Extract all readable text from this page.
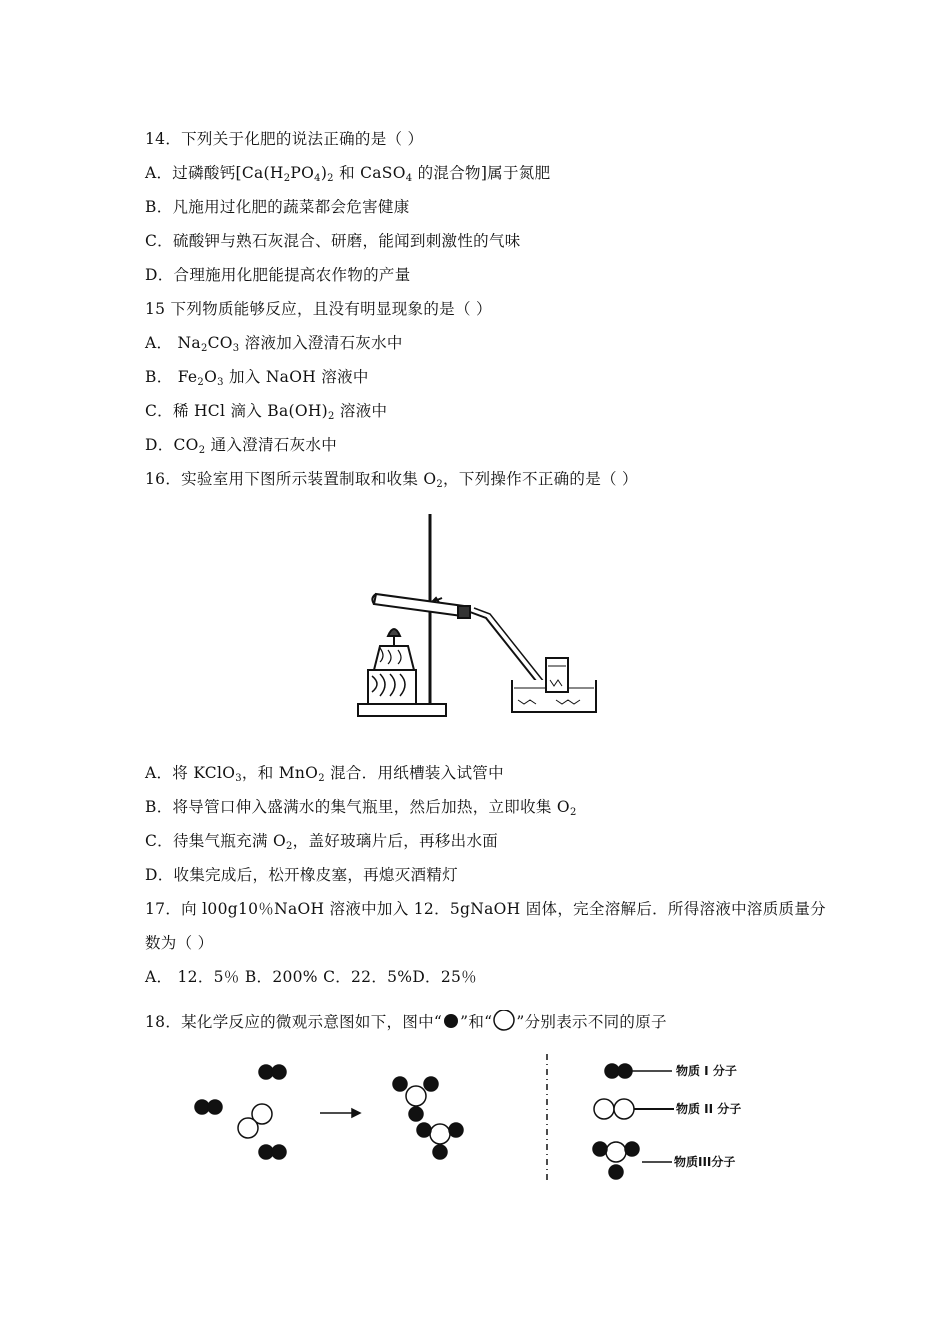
14．下列关于化肥的说法正确的是（ ）
A．过磷酸钙[$Ca(H_2PO_4)_2$ 和 CaSO$_4$ 的混合物]属于氮肥
B．凡施用过化肥的蔬菜都会危害健康
C．硫酸钾与熟石灰混合、研磨，能闻到刺激性的气味
D．合理施用化肥能提高农作物的产量
15 下列物质能够反应，且没有明显现象的是（ ）
A． $Na_2CO_3$ 溶液加入澄清石灰水中
B． $Fe_2O_3$ 加入 NaOH 溶液中
C．稀 HCl 滴入 $Ba(OH)_2$ 溶液中
D．$CO_2$ 通入澄清石灰水中
16．实验室用下图所示装置制取和收集 $O_2$，下列操作不正确的是（ ）
A．将 KClO$_3$，和 MnO$_2$ 混合．用纸槽装入试管中
B．将导管口伸入盛满水的集气瓶里，然后加热，立即收集 $O_2$
C．待集气瓶充满 $O_2$，盖好玻璃片后，再移出水面
D．收集完成后，松开橡皮塞，再熄灭酒精灯
17．向 l00g10％NaOH 溶液中加入 12．5gNaOH 固体，完全溶解后．所得溶液中溶质质量分
数为（ ）
A． 12．5％ B．200% C．22．5%D．25％
18．某化学反应的微观示意图如下，图中“ ”和“ ”分别表示不同的原子
物质 I 分子
物质 II 分子
物质III分子
